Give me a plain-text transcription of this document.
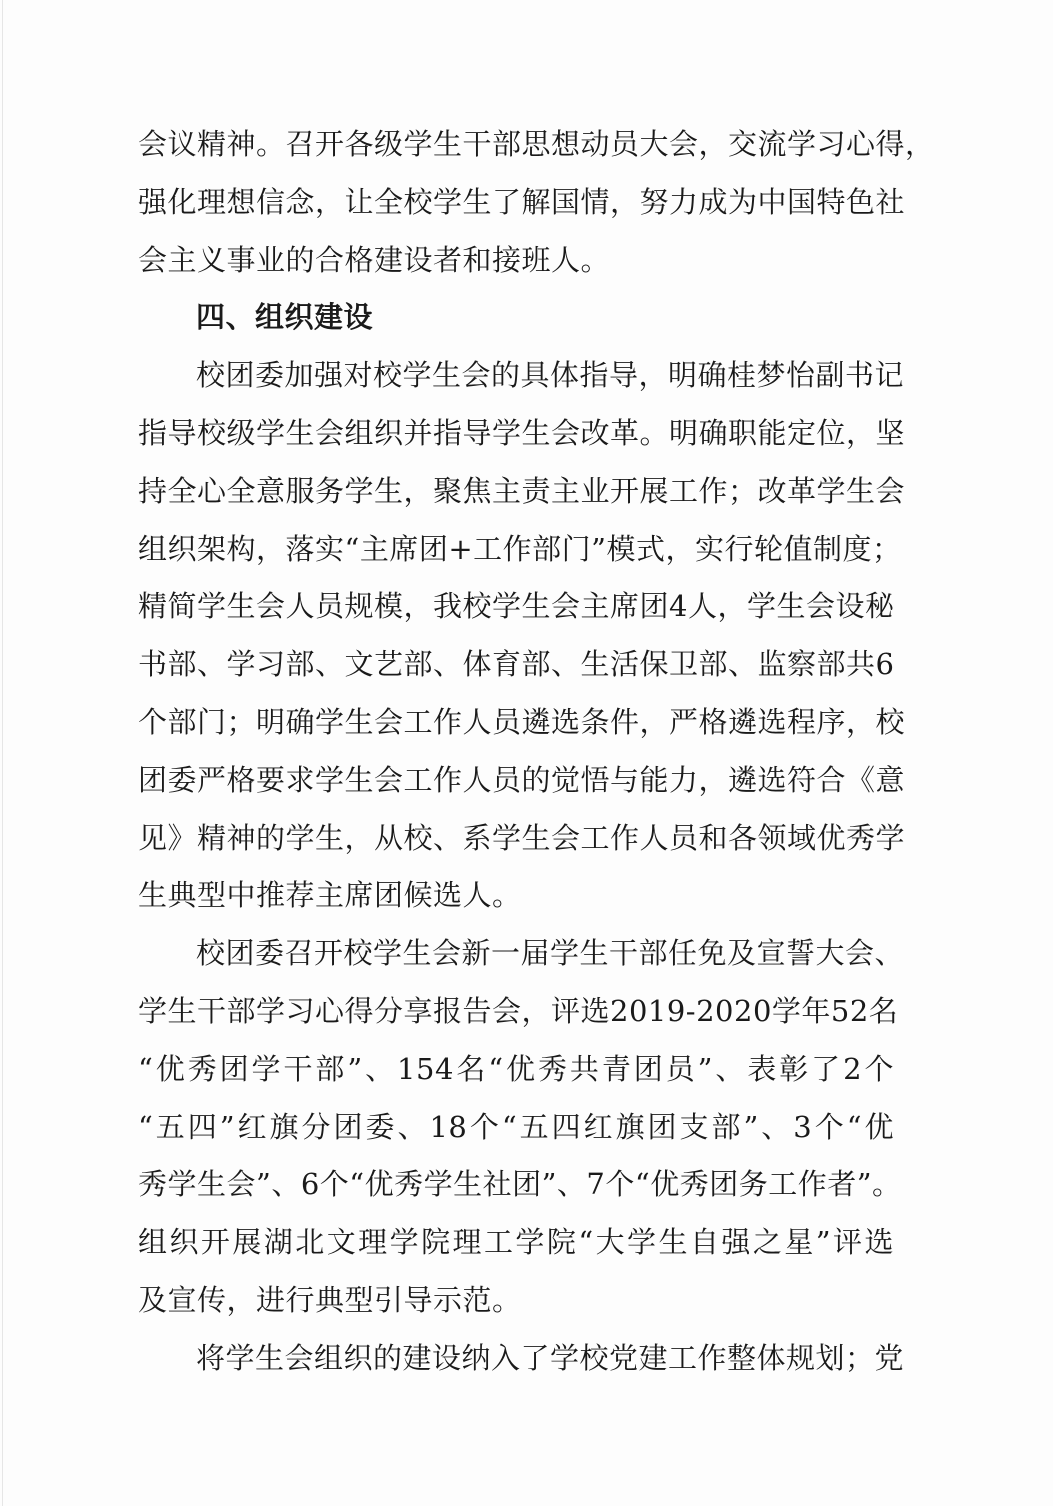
会议精神。召开各级学生干部思想动员大会，交流学习心得，
强化理想信念，让全校学生了解国情，努力成为中国特色社
会主义事业的合格建设者和接班人。
四、组织建设
校团委加强对校学生会的具体指导，明确桂梦怡副书记
指导校级学生会组织并指导学生会改革。明确职能定位，坚
持全心全意服务学生，聚焦主责主业开展工作；改革学生会
组织架构，落实“主席团+工作部门”模式，实行轮值制度；
精简学生会人员规模，我校学生会主席团4人，学生会设秘
书部、学习部、文艺部、体育部、生活保卫部、监察部共6
个部门；明确学生会工作人员遴选条件，严格遴选程序，校
团委严格要求学生会工作人员的觉悟与能力，遴选符合《意
见》精神的学生，从校、系学生会工作人员和各领域优秀学
生典型中推荐主席团候选人。
校团委召开校学生会新一届学生干部任免及宣誓大会、
学生干部学习心得分享报告会，评选2019-2020学年52名
“优秀团学干部”、154名“优秀共青团员”、表彰了2个
“五四”红旗分团委、18个“五四红旗团支部”、3个“优
秀学生会”、6个“优秀学生社团”、7个“优秀团务工作者”。
组织开展湖北文理学院理工学院“大学生自强之星”评选
及宣传，进行典型引导示范。
将学生会组织的建设纳入了学校党建工作整体规划；党
